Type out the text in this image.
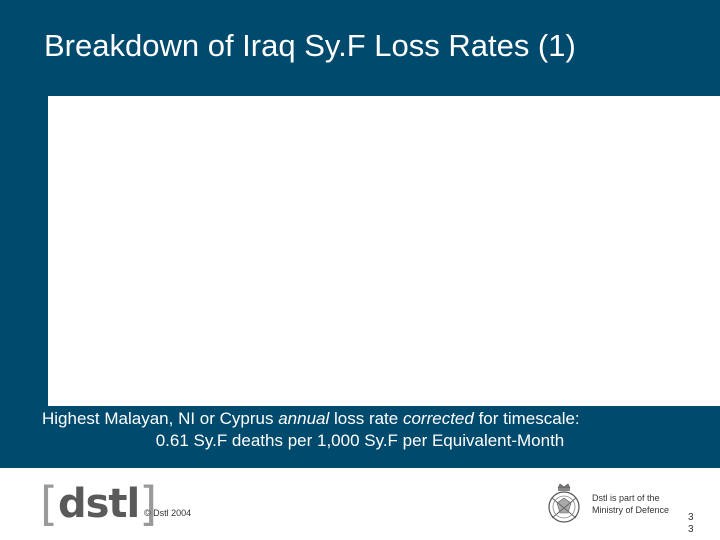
Breakdown of Iraq Sy.F Loss Rates (1)
Highest Malayan, NI or Cyprus annual loss rate corrected for timescale:
0.61 Sy.F deaths per 1,000 Sy.F per Equivalent-Month
[ dstl ]
© Dstl 2004
Dstl is part of the
Ministry of Defence
3
3
